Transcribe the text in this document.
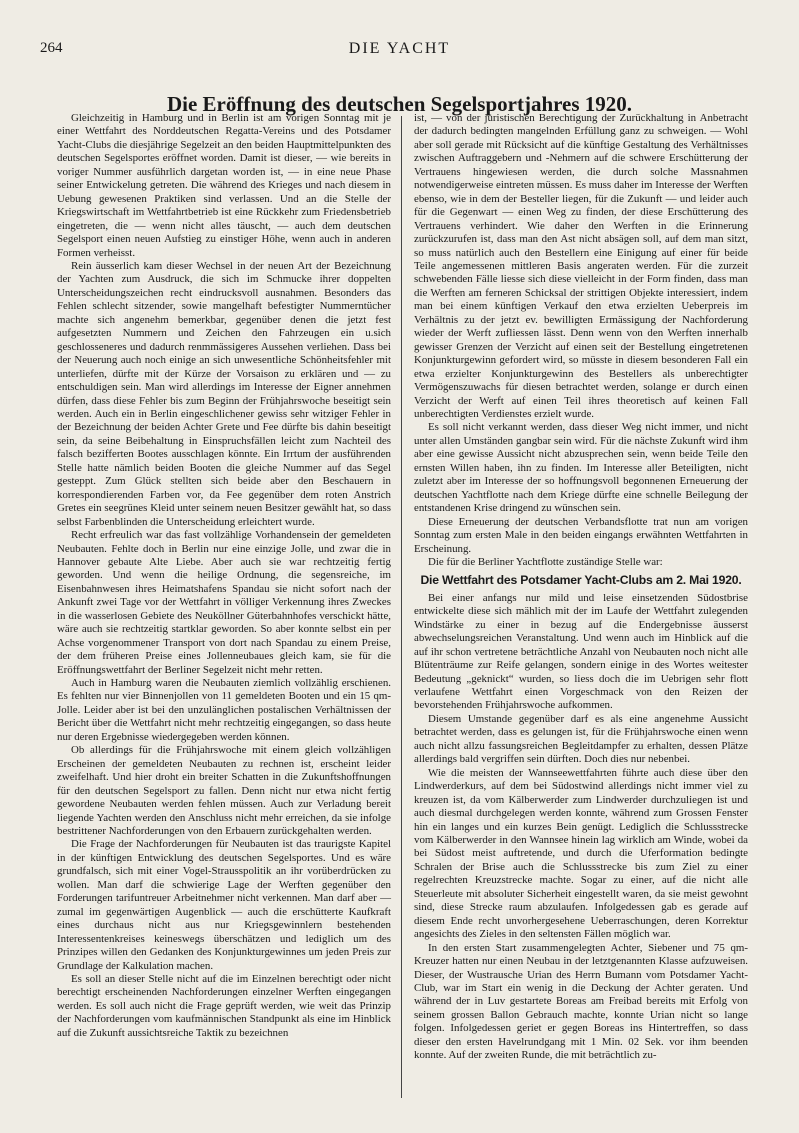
264	DIE YACHT
Die Eröffnung des deutschen Segelsportjahres 1920.

Gleichzeitig in Hamburg und in Berlin ist am vorigen Sonntag mit je einer Wettfahrt des Norddeutschen Regatta-Vereins und des Potsdamer Yacht-Clubs die diesjährige Segelzeit an den beiden Hauptmittelpunkten des deutschen Segelsportes eröffnet worden. Damit ist dieser, — wie bereits in voriger Nummer ausführlich dargetan worden ist, — in eine neue Phase seiner Entwickelung getreten. Die während des Krieges und nach diesem in Uebung gewesenen Praktiken sind verlassen. Und an die Stelle der Kriegswirtschaft im Wettfahrtbetrieb ist eine Rückkehr zum Friedensbetrieb eingetreten, die — wenn nicht alles täuscht, — auch dem deutschen Segelsport einen neuen Aufstieg zu einstiger Höhe, wenn auch in anderen Formen verheisst.

Rein äusserlich kam dieser Wechsel in der neuen Art der Bezeichnung der Yachten zum Ausdruck, die sich im Schmucke ihrer doppelten Unterscheidungszeichen recht eindrucksvoll ausnahmen. Besonders das Fehlen schlecht sitzender, sowie mangelhaft befestigter Nummerntücher machte sich angenehm bemerkbar, gegenüber denen die jetzt fest aufgesetzten Nummern und Zeichen den Fahrzeugen ein u.sich geschlosseneres und dadurch renmmässigeres Aussehen verliehen. Dass bei der Neuerung auch noch einige an sich unwesentliche Schönheitsfehler mit unterliefen, dürfte mit der Kürze der Vorsaison zu erklären und — zu entschuldigen sein. Man wird allerdings im Interesse der Eigner annehmen dürfen, dass diese Fehler bis zum Beginn der Frühjahrswoche beseitigt sein werden. Auch ein in Berlin eingeschlichener gewiss sehr witziger Fehler in der Bezeichnung der beiden Achter Grete und Fee dürfte bis dahin beseitigt sein, da seine Beibehaltung in Einspruchsfällen leicht zum Nachteil des falsch bezifferten Bootes ausschlagen könnte. Ein Irrtum der ausführenden Stelle hatte nämlich beiden Booten die gleiche Nummer auf das Segel gesteppt. Zum Glück stellten sich beide aber den Beschauern in korrespondierenden Farben vor, da Fee gegenüber dem roten Anstrich Gretes ein seegrünes Kleid unter seinem neuen Besitzer gewählt hat, so dass selbst Farbenblinden die Unterscheidung erleichtert wurde.

Recht erfreulich war das fast vollzählige Vorhandensein der gemeldeten Neubauten. Fehlte doch in Berlin nur eine einzige Jolle, und zwar die in Hannover gebaute Alte Liebe. Aber auch sie war rechtzeitig fertig geworden. Und wenn die heilige Ordnung, die segensreiche, im Eisenbahnwesen ihres Heimatshafens Spandau sie nicht sofort nach der Ankunft zwei Tage vor der Wettfahrt in völliger Verkennung ihres Zweckes in die wasserlosen Gebiete des Neuköllner Güterbahnhofes verschickt hätte, wäre auch sie rechtzeitig startklar geworden. So aber konnte selbst ein per Achse vorgenommener Transport von dort nach Spandau zu einem Preise, der dem früheren Preise eines Jollenneubaues gleich kam, sie für die Eröffnungswettfahrt der Berliner Segelzeit nicht mehr retten.

Auch in Hamburg waren die Neubauten ziemlich vollzählig erschienen. Es fehlten nur vier Binnenjollen von 11 gemeldeten Booten und ein 15 qm-Jolle. Leider aber ist bei den unzulänglichen postalischen Verhältnissen der Bericht über die Wettfahrt nicht mehr rechtzeitig eingegangen, so dass heute nur deren Ergebnisse wiedergegeben werden können.

Ob allerdings für die Frühjahrswoche mit einem gleich vollzähligen Erscheinen der gemeldeten Neubauten zu rechnen ist, erscheint leider zweifelhaft. Und hier droht ein breiter Schatten in die Zukunftshoffnungen für den deutschen Segelsport zu fallen. Denn nicht nur etwa nicht fertig gewordene Neubauten werden fehlen müssen. Auch zur Verladung bereit liegende Yachten werden den Anschluss nicht mehr erreichen, da sie infolge bestrittener Nachforderungen von den Erbauern zurückgehalten werden.

Die Frage der Nachforderungen für Neubauten ist das traurigste Kapitel in der künftigen Entwicklung des deutschen Segelsportes. Und es wäre grundfalsch, sich mit einer Vogel-Strausspolitik an ihr vorüberdrücken zu wollen. Man darf die schwierige Lage der Werften gegenüber den Forderungen tarifuntreuer Arbeitnehmer nicht verkennen. Man darf aber — zumal im gegenwärtigen Augenblick — auch die erschütterte Kaufkraft eines durchaus nicht aus nur Kriegsgewinnlern bestehenden Interessentenkreises keineswegs überschätzen und lediglich um des Prinzipes willen den Gedanken des Konjunkturgewinnes um jeden Preis zur Grundlage der Kalkulation machen.

Es soll an dieser Stelle nicht auf die im Einzelnen berechtigt oder nicht berechtigt erscheinenden Nachforderungen einzelner Werften eingegangen werden. Es soll auch nicht die Frage geprüft werden, wie weit das Prinzip der Nachforderungen vom kaufmännischen Standpunkt als eine im Hinblick auf die Zukunft aussichtsreiche Taktik zu bezeichnen

ist, — von der juristischen Berechtigung der Zurückhaltung in Anbetracht der dadurch bedingten mangelnden Erfüllung ganz zu schweigen. — Wohl aber soll gerade mit Rücksicht auf die künftige Gestaltung des Verhältnisses zwischen Auftraggebern und -Nehmern auf die schwere Erschütterung der Vertrauens hingewiesen werden, die durch solche Massnahmen notwendigerweise eintreten müssen. Es muss daher im Interesse der Werften ebenso, wie in dem der Besteller liegen, für die Zukunft — und leider auch für die Gegenwart — einen Weg zu finden, der diese Erschütterung des Vertrauens verhindert. Wie daher den Werften in die Erinnerung zurückzurufen ist, dass man den Ast nicht absägen soll, auf dem man sitzt, so muss natürlich auch den Bestellern eine Einigung auf einer für beide Teile angemessenen mittleren Basis angeraten werden. Für die zurzeit schwebenden Fälle liesse sich diese vielleicht in der Form finden, dass man die Werften am ferneren Schicksal der strittigen Objekte interessiert, indem man bei einem künftigen Verkauf den etwa erzielten Ueberpreis im Verhältnis zu der jetzt ev. bewilligten Ermässigung der Nachforderung wieder der Werft zufliessen lässt. Denn wenn von den Werften innerhalb gewisser Grenzen der Verzicht auf einen seit der Bestellung eingetretenen Konjunkturgewinn gefordert wird, so müsste in diesem besonderen Fall ein etwa erzielter Konjunkturgewinn des Bestellers als unberechtigter Vermögenszuwachs für diesen betrachtet werden, solange er durch einen Verzicht der Werft auf einen Teil ihres theoretisch auf keinen Fall unberechtigten Verdienstes erzielt wurde.

Es soll nicht verkannt werden, dass dieser Weg nicht immer, und nicht unter allen Umständen gangbar sein wird. Für die nächste Zukunft wird ihm aber eine gewisse Aussicht nicht abzusprechen sein, wenn beide Teile den ernsten Willen haben, ihn zu finden. Im Interesse aller Beteiligten, nicht zuletzt aber im Interesse der so hoffnungsvoll begonnenen Erneuerung der deutschen Yachtflotte nach dem Kriege dürfte eine schnelle Beilegung der entstandenen Krise dringend zu wünschen sein.

Diese Erneuerung der deutschen Verbandsflotte trat nun am vorigen Sonntag zum ersten Male in den beiden eingangs erwähnten Wettfahrten in Erscheinung.

Die für die Berliner Yachtflotte zuständige Stelle war:

Die Wettfahrt des Potsdamer Yacht-Clubs am 2. Mai 1920.

Bei einer anfangs nur mild und leise einsetzenden Südostbrise entwickelte diese sich mählich mit der im Laufe der Wettfahrt zulegenden Windstärke zu einer in bezug auf die Endergebnisse äusserst abwechselungsreichen Veranstaltung. Und wenn auch im Hinblick auf die auf ihr schon vertretene beträchtliche Anzahl von Neubauten noch nicht alle Blütenträume zur Reife gelangen, sondern einige in des Wortes weitester Bedeutung „geknickt“ wurden, so liess doch die im Uebrigen sehr flott verlaufene Wettfahrt einen Vorgeschmack von den Reizen der bevorstehenden Frühjahrswoche aufkommen.

Diesem Umstande gegenüber darf es als eine angenehme Aussicht betrachtet werden, dass es gelungen ist, für die Frühjahrswoche einen wenn auch nicht allzu fassungsreichen Begleitdampfer zu erhalten, dessen Plätze allerdings bald vergriffen sein dürften. Doch dies nur nebenbei.

Wie die meisten der Wannseewettfahrten führte auch diese über den Lindwerderkurs, auf dem bei Südostwind allerdings nicht immer viel zu kreuzen ist, da vom Kälberwerder zum Lindwerder durchzuliegen ist und auch diesmal durchgelegen werden konnte, während zum Grossen Fenster hin ein langes und ein kurzes Bein genügt. Lediglich die Schlussstrecke vom Kälberwerder in den Wannsee hinein lag wirklich am Winde, wobei da bei Südost meist auftretende, und durch die Uferformation bedingte Schralen der Brise auch die Schlussstrecke bis zum Ziel zu einer regelrechten Kreuzstrecke machte. Sogar zu einer, auf die nicht alle Steuerleute mit absoluter Sicherheit eingestellt waren, da sie meist gewohnt sind, diese Strecke raum abzulaufen. Infolgedessen gab es gerade auf diesem Ende recht unvorhergesehene Ueberraschungen, deren Korrektur angesichts des Zieles in den seltensten Fällen möglich war.

In den ersten Start zusammengelegten Achter, Siebener und 75 qm-Kreuzer hatten nur einen Neubau in der letztgenannten Klasse aufzuweisen. Dieser, der Wustrausche Urian des Herrn Bumann vom Potsdamer Yacht-Club, war im Start ein wenig in die Deckung der Achter geraten. Und während der in Luv gestartete Boreas am Freibad bereits mit Erfolg von seinem grossen Ballon Gebrauch machte, konnte Urian nicht so lange folgen. Infolgedessen geriet er gegen Boreas ins Hintertreffen, so dass dieser den ersten Havelrundgang mit 1 Min. 02 Sek. vor ihm beenden konnte. Auf der zweiten Runde, die mit beträchtlich zu-
